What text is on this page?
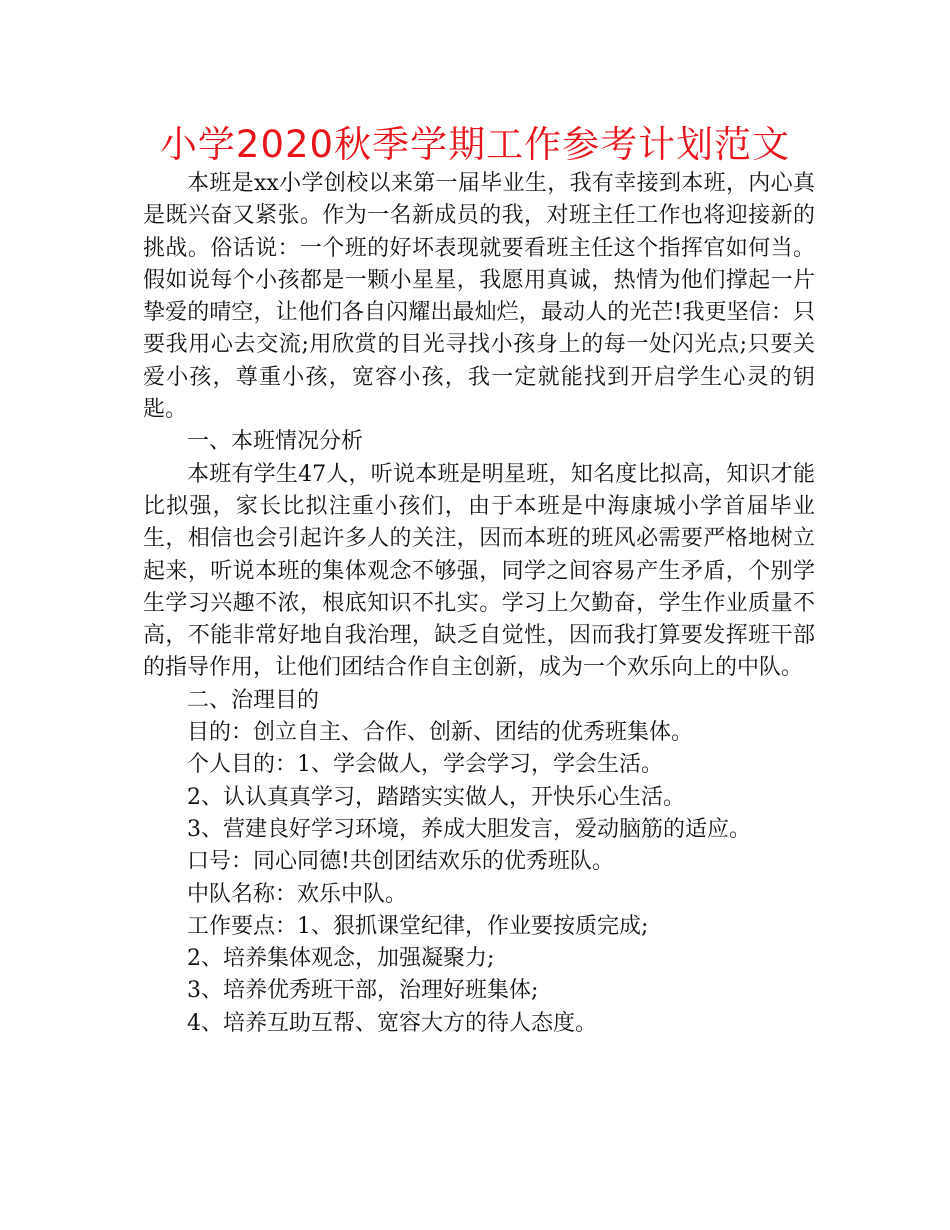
小学2020秋季学期工作参考计划范文

本班是xx小学创校以来第一届毕业生，我有幸接到本班，内心真是既兴奋又紧张。作为一名新成员的我，对班主任工作也将迎接新的挑战。俗话说：一个班的好坏表现就要看班主任这个指挥官如何当。假如说每个小孩都是一颗小星星，我愿用真诚，热情为他们撑起一片挚爱的晴空，让他们各自闪耀出最灿烂，最动人的光芒!我更坚信：只要我用心去交流;用欣赏的目光寻找小孩身上的每一处闪光点;只要关爱小孩，尊重小孩，宽容小孩，我一定就能找到开启学生心灵的钥匙。

一、本班情况分析

本班有学生47人，听说本班是明星班，知名度比拟高，知识才能比拟强，家长比拟注重小孩们，由于本班是中海康城小学首届毕业生，相信也会引起许多人的关注，因而本班的班风必需要严格地树立起来，听说本班的集体观念不够强，同学之间容易产生矛盾，个别学生学习兴趣不浓，根底知识不扎实。学习上欠勤奋，学生作业质量不高，不能非常好地自我治理，缺乏自觉性，因而我打算要发挥班干部的指导作用，让他们团结合作自主创新，成为一个欢乐向上的中队。

二、治理目的

目的：创立自主、合作、创新、团结的优秀班集体。

个人目的：1、学会做人，学会学习，学会生活。

2、认认真真学习，踏踏实实做人，开快乐心生活。

3、营建良好学习环境，养成大胆发言，爱动脑筋的适应。

口号：同心同德!共创团结欢乐的优秀班队。

中队名称：欢乐中队。

工作要点：1、狠抓课堂纪律，作业要按质完成;

2、培养集体观念，加强凝聚力;

3、培养优秀班干部，治理好班集体;

4、培养互助互帮、宽容大方的待人态度。
